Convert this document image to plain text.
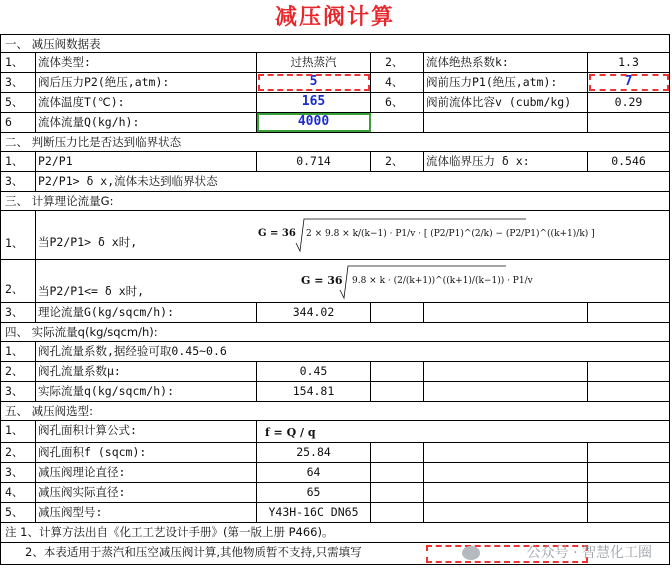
减压阀计算
一、 减压阀数据表
1、	流体类型:	过热蒸汽	2、	流体绝热系数k:	1.3
3、	阀后压力P2(绝压,atm):	5	4、	阀前压力P1(绝压,atm):	7
5、	流体温度T(℃):	165	6、	阀前流体比容v (cubm/kg)	0.29
6	流体流量Q(kg/h):	4000
二、 判断压力比是否达到临界状态
1、	P2/P1	0.714	2、	流体临界压力 δ x:	0.546
3、	P2/P1> δ x,流体未达到临界状态
三、 计算理论流量G:
1、	当P2/P1> δ x时,
G = 36 2 × 9.8 × k/(k−1) · P1/v · [ (P2/P1)^(2/k) − (P2/P1)^((k+1)/k) ]
2、	当P2/P1<= δ x时,
G = 36 9.8 × k · (2/(k+1))^((k+1)/(k−1)) · P1/v
3、	理论流量G(kg/sqcm/h):	344.02
四、 实际流量q(kg/sqcm/h):
1、	阀孔流量系数,据经验可取0.45~0.6
2、	阀孔流量系数μ:	0.45
3、	实际流量q(kg/sqcm/h):	154.81
五、 减压阀选型:
1、	阀孔面积计算公式:	f = Q / q
2、	阀孔面积f (sqcm):	25.84
3、	减压阀理论直径:	64
4、	减压阀实际直径:	65
5、	减压阀型号:	Y43H-16C DN65
注 1、计算方法出自《化工工艺设计手册》(第一版上册 P466)。
2、本表适用于蒸汽和压空减压阀计算,其他物质暂不支持,只需填写	公众号 · 智慧化工圈
